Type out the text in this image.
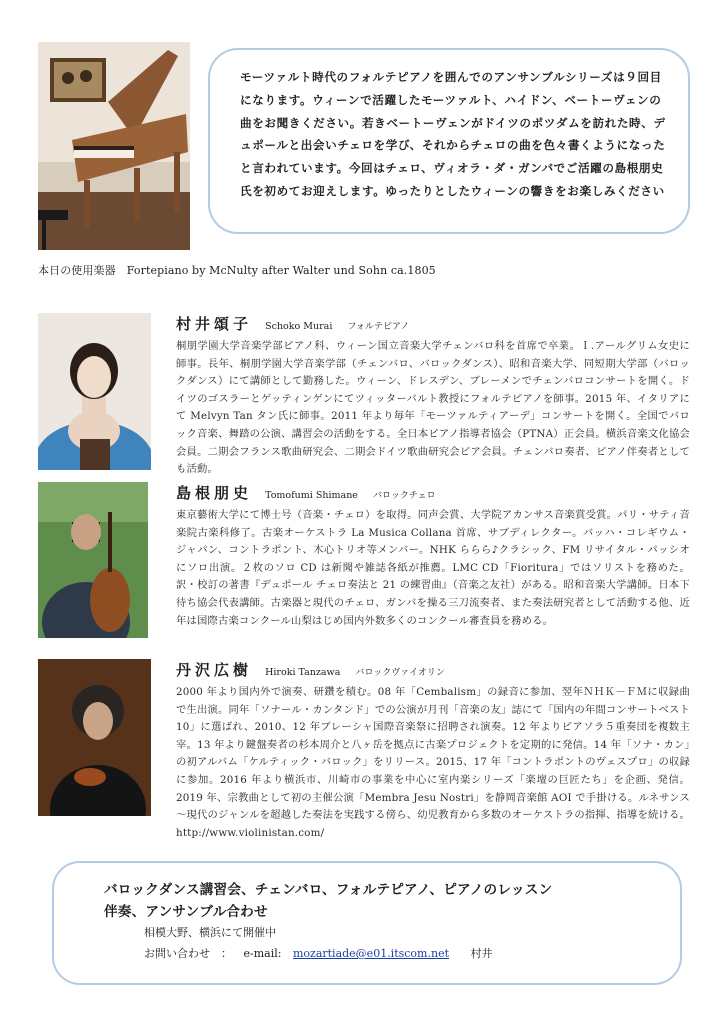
本日の使用楽器　Fortepiano by McNulty after Walter und Sohn ca.1805

モーツァルト時代のフォルテピアノを囲んでのアンサンブルシリーズは９回目になります。ウィーンで活躍したモーツァルト、ハイドン、ベートーヴェンの曲をお聞きください。若きベートーヴェンがドイツのポツダムを訪れた時、デュポールと出会いチェロを学び、それからチェロの曲を色々書くようになったと言われています。今回はチェロ、ヴィオラ・ダ・ガンバでご活躍の島根朋史氏を初めてお迎えします。ゆったりとしたウィーンの響きをお楽しみください

村井頌子 Schoko Murai フォルテピアノ

桐朋学園大学音楽学部ピアノ科、ウィーン国立音楽大学チェンバロ科を首席で卒業。Ｉ.アールグリム女史に師事。長年、桐朋学園大学音楽学部（チェンバロ、バロックダンス）、昭和音楽大学、同短期大学部（バロックダンス）にて講師として勤務した。ウィーン、ドレスデン、ブレーメンでチェンバロコンサートを開く。ドイツのゴスラーとゲッティンゲンにてツィッターバルト教授にフォルテピアノを師事。2015 年、イタリアにて Melvyn Tan タン氏に師事。2011 年より毎年「モーツァルティアーデ」コンサートを開く。全国でバロック音楽、舞踏の公演、講習会の活動をする。全日本ピアノ指導者協会（PTNA）正会員。横浜音楽文化協会会員。二期会フランス歌曲研究会、二期会ドイツ歌曲研究会ピア会員。チェンバロ奏者、ピアノ伴奏者としても活動。

島根朋史 Tomofumi Shimane バロックチェロ

東京藝術大学にて博士号（音楽・チェロ）を取得。同声会賞、大学院アカンサス音楽賞受賞。パリ・サティ音楽院古楽科修了。古楽オーケストラ La Musica Collana 首席、サブディレクター。バッハ・コレギウム・ジャパン、コントラポント、木心トリオ等メンバー。NHK ららら♪クラシック、FM リサイタル・パッシオにソロ出演。２枚のソロ CD は新聞や雑誌各紙が推薦。LMC CD「Fioritura」ではソリストを務めた。訳・校訂の著書『デュポール チェロ奏法と 21 の練習曲』（音楽之友社）がある。昭和音楽大学講師。日本下待ち協会代表講師。古楽器と現代のチェロ、ガンバを操る三刀流奏者、また奏法研究者として活動する他、近年は国際古楽コンクール山梨はじめ国内外数多くのコンクール審査員を務める。

丹沢広樹 Hiroki Tanzawa バロックヴァイオリン

2000 年より国内外で演奏、研鑽を積む。08 年「Cembalism」の録音に参加、翌年ＮＨＫ－ＦＭに収録曲で生出演。同年「ソナール・カンタンド」での公演が月刊「音楽の友」誌にて「国内の年間コンサートベスト 10」に選ばれ、2010、12 年ブレーシャ国際音楽祭に招聘され演奏。12 年よりピアソラ５重奏団を複数主宰。13 年より鍵盤奏者の杉本周介と八ヶ岳を拠点に古楽プロジェクトを定期的に発信。14 年「ソナ・カン」の初アルバム「ケルティック・バロック」をリリース。2015、17 年「コントラポントのヴェスプロ」の収録に参加。2016 年より横浜市、川崎市の事業を中心に室内楽シリーズ「楽壇の巨匠たち」を企画、発信。2019 年、宗教曲として初の主催公演「Membra Jesu Nostri」を静岡音楽館 AOI で手掛ける。ルネサンス～現代のジャンルを超越した奏法を実践する傍ら、幼児教育から多数のオーケストラの指揮、指導を続ける。http://www.violinistan.com/

バロックダンス講習会、チェンバロ、フォルテピアノ、ピアノのレッスン
伴奏、アンサンブル合わせ
相模大野、横浜にて開催中
お問い合わせ　： e-mail: mozartiade@e01.itscom.net 村井
